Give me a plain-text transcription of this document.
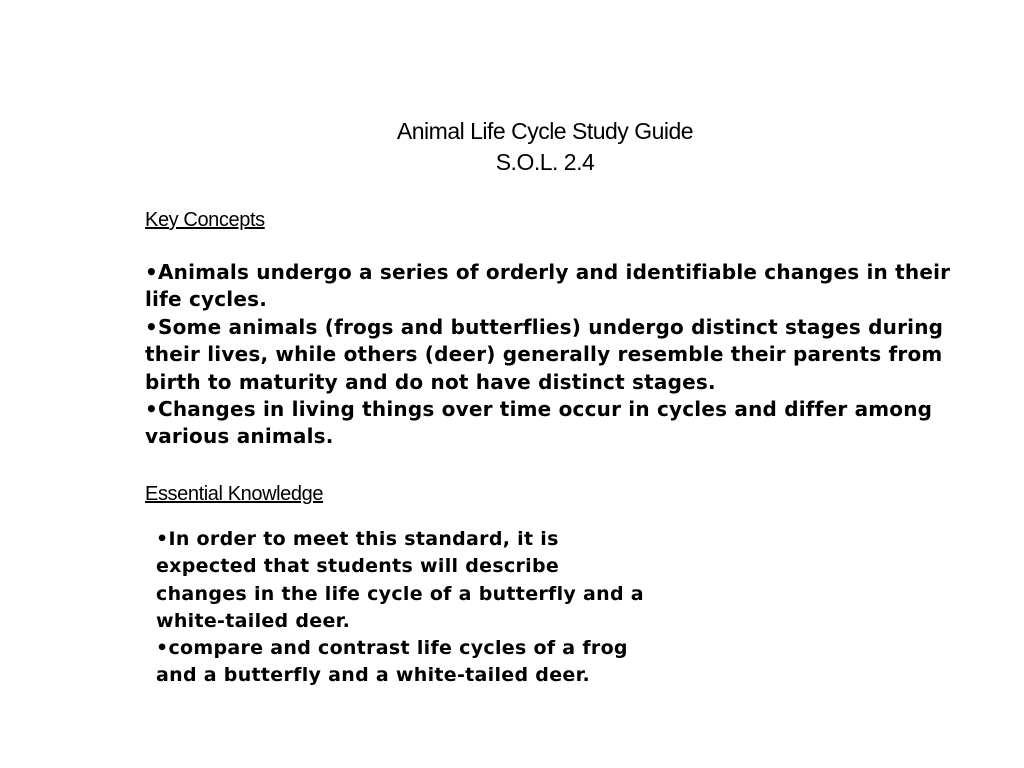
Animal Life Cycle Study Guide
S.O.L. 2.4
Key Concepts
•Animals undergo a series of orderly and identifiable changes in their life cycles.
•Some animals (frogs and butterflies) undergo distinct stages during their lives, while others (deer) generally resemble their parents from birth to maturity and do not have distinct stages.
•Changes in living things over time occur in cycles and differ among various animals.
Essential Knowledge
•In order to meet this standard, it is expected that students will describe changes in the life cycle of a butterfly and a white-tailed deer.
•compare and contrast life cycles of a frog and a butterfly and a white-tailed deer.
